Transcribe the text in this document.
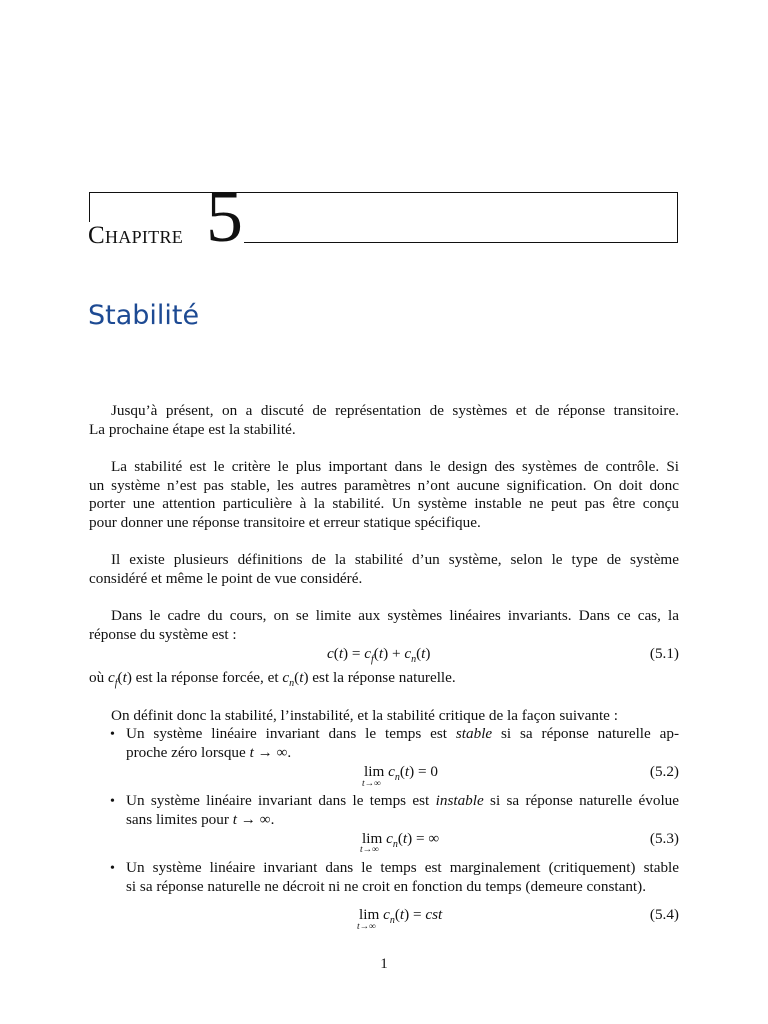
Chapitre 5
Stabilité

Jusqu’à présent, on a discuté de représentation de systèmes et de réponse transitoire.
La prochaine étape est la stabilité.

La stabilité est le critère le plus important dans le design des systèmes de contrôle. Si
un système n’est pas stable, les autres paramètres n’ont aucune signification. On doit donc
porter une attention particulière à la stabilité. Un système instable ne peut pas être conçu
pour donner une réponse transitoire et erreur statique spécifique.

Il existe plusieurs définitions de la stabilité d’un système, selon le type de système
considéré et même le point de vue considéré.

Dans le cadre du cours, on se limite aux systèmes linéaires invariants. Dans ce cas, la
réponse du système est :

$c(t) = c_f(t) + c_n(t)$	(5.1)

où $c_f(t)$ est la réponse forcée, et $c_n(t)$ est la réponse naturelle.

On définit donc la stabilité, l’instabilité, et la stabilité critique de la façon suivante :

• Un système linéaire invariant dans le temps est stable si sa réponse naturelle ap-
proche zéro lorsque t → ∞.

$\lim c_n(t) = 0$
t→∞
(5.2)
• Un système linéaire invariant dans le temps est instable si sa réponse naturelle évolue
sans limites pour t → ∞.

$\lim c_n(t)$ = ∞
t→∞
(5.3)
• Un système linéaire invariant dans le temps est marginalement (critiquement) stable
si sa réponse naturelle ne décroit ni ne croit en fonction du temps (demeure constant).

$\lim c_n(t)$ = cst
t→∞
(5.4)
1
